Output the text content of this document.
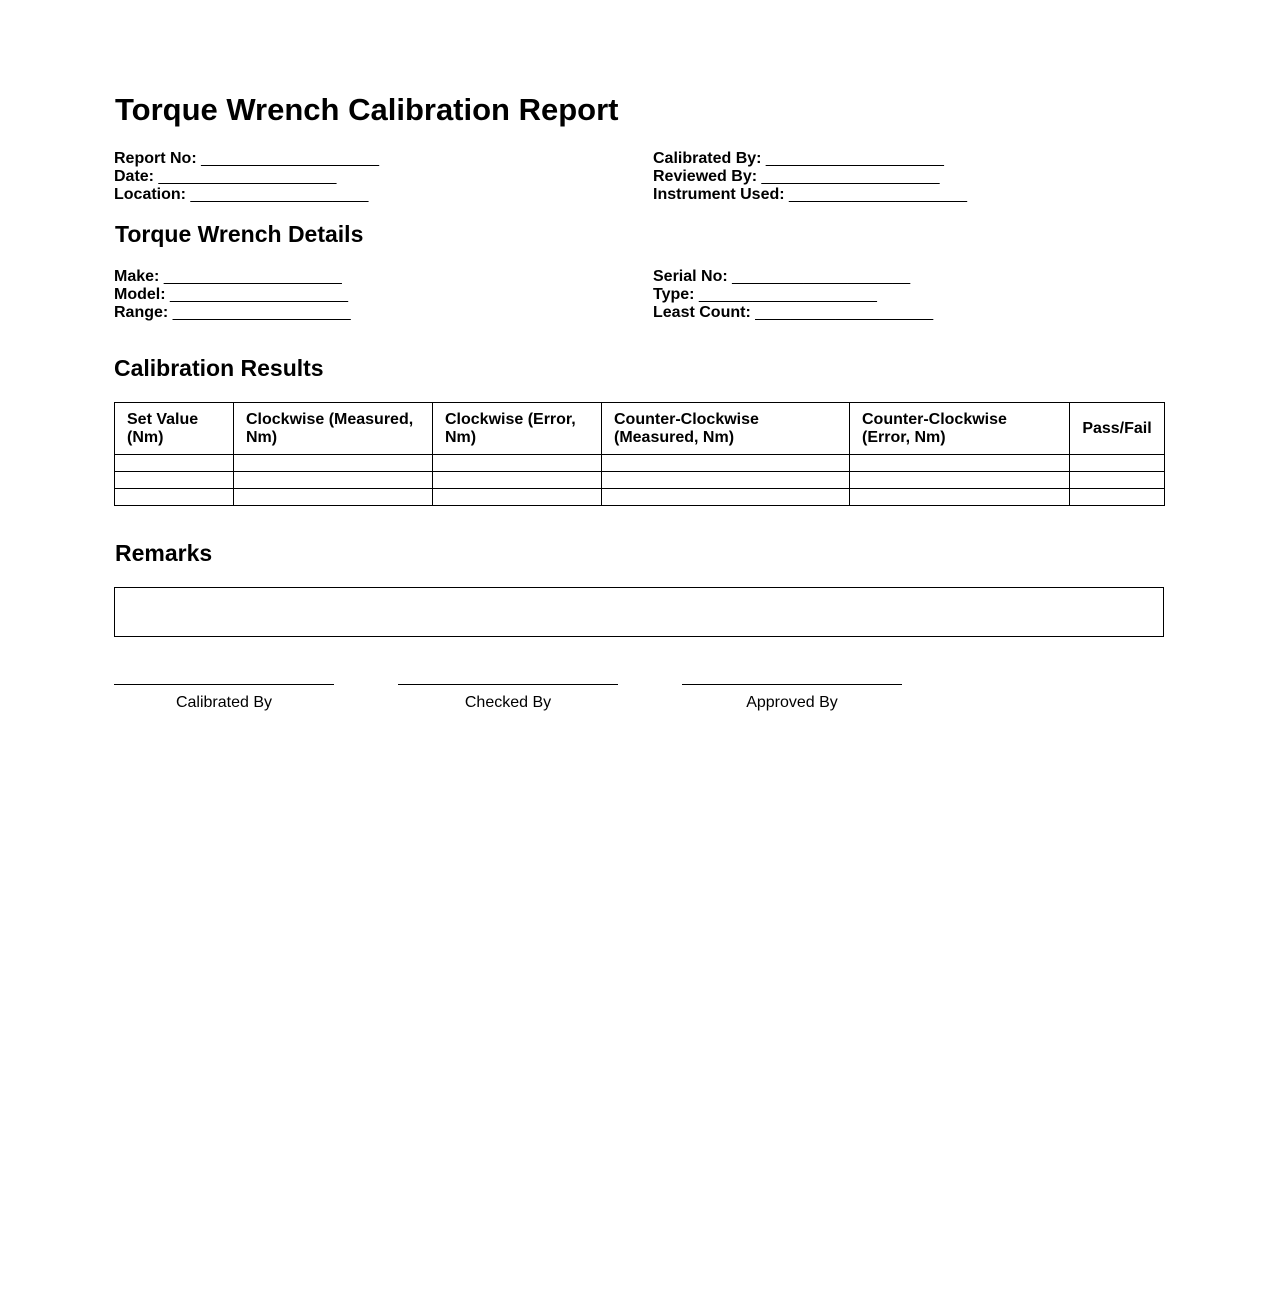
Torque Wrench Calibration Report
Report No: ____________________
Date: ____________________
Location: ____________________
Calibrated By: ____________________
Reviewed By: ____________________
Instrument Used: ____________________
Torque Wrench Details
Make: ____________________
Model: ____________________
Range: ____________________
Serial No: ____________________
Type: ____________________
Least Count: ____________________
Calibration Results
Set Value (Nm)	Clockwise (Measured, Nm)	Clockwise (Error, Nm)	Counter-Clockwise (Measured, Nm)	Counter-Clockwise (Error, Nm)	Pass/Fail

Remarks
Calibrated By	Checked By	Approved By
